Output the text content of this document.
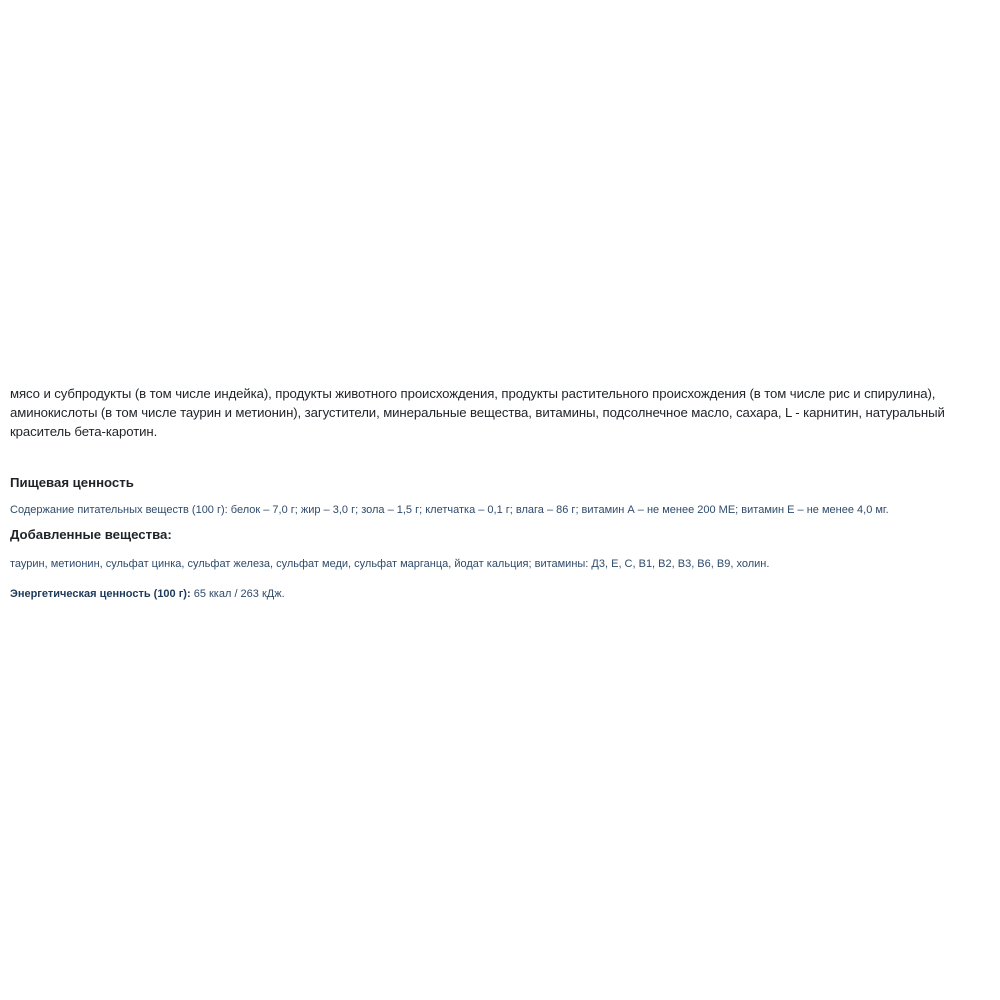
мясо и субпродукты (в том числе индейка), продукты животного происхождения, продукты растительного происхождения (в том числе рис и спирулина), аминокислоты (в том числе таурин и метионин), загустители, минеральные вещества, витамины, подсолнечное масло, сахара, L - карнитин, натуральный краситель бета-каротин.

Пищевая ценность

Содержание питательных веществ (100 г): белок – 7,0 г; жир – 3,0 г; зола – 1,5 г; клетчатка – 0,1 г; влага – 86 г; витамин А – не менее 200 МЕ; витамин Е – не менее 4,0 мг.

Добавленные вещества:

таурин, метионин, сульфат цинка, сульфат железа, сульфат меди, сульфат марганца, йодат кальция; витамины: Д3, Е, С, В1, В2, В3, В6, В9, холин.

Энергетическая ценность (100 г): 65 ккал / 263 кДж.
